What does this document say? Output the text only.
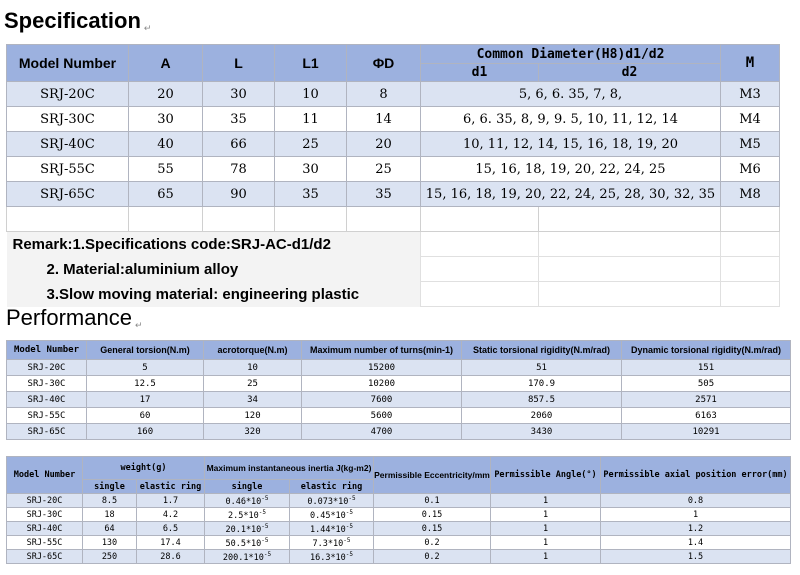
Specification ↵
Model Number	A	L	L1	ΦD	Common Diameter(H8)d1/d2		M
					d1	d2	
SRJ-20C	20	30	10	8	5, 6, 6. 35, 7, 8,		M3
SRJ-30C	30	35	11	14	6, 6. 35, 8, 9, 9. 5, 10, 11, 12, 14		M4
SRJ-40C	40	66	25	20	10, 11, 12, 14, 15, 16, 18, 19, 20		M5
SRJ-55C	55	78	30	25	15, 16, 18, 19, 20, 22, 24, 25		M6
SRJ-65C	65	90	35	35	15, 16, 18, 19, 20, 22, 24, 25, 28, 30, 32, 35		M8

Remark:1.Specifications code:SRJ-AC-d1/d2							
2. Material:aluminium alloy							
3.Slow moving material: engineering plastic							
Performance ↵
Model Number	General torsion(N.m)	acrotorque(N.m)	Maximum number of turns(min-1)	Static torsional rigidity(N.m/rad)	Dynamic torsional rigidity(N.m/rad)
SRJ-20C	5	10	15200	51	151
SRJ-30C	12.5	25	10200	170.9	505
SRJ-40C	17	34	7600	857.5	2571
SRJ-55C	60	120	5600	2060	6163
SRJ-65C	160	320	4700	3430	10291
Model Number	weight(g)		Maximum instantaneous inertia J(kg-m2)		Permissible Eccentricity/mm	Permissible Angle(°)	Permissible axial position error(mm)
	single	elastic ring	single	elastic ring			
SRJ-20C	8.5	1.7	$0.46*10^{-5}$	$0.073*10^{-5}$	0.1	1	0.8
SRJ-30C	18	4.2	$2.5*10^{-5}$	$0.45*10^{-5}$	0.15	1	1
SRJ-40C	64	6.5	$20.1*10^{-5}$	$1.44*10^{-5}$	0.15	1	1.2
SRJ-55C	130	17.4	$50.5*10^{-5}$	$7.3*10^{-5}$	0.2	1	1.4
SRJ-65C	250	28.6	$200.1*10^{-5}$	$16.3*10^{-5}$	0.2	1	1.5
